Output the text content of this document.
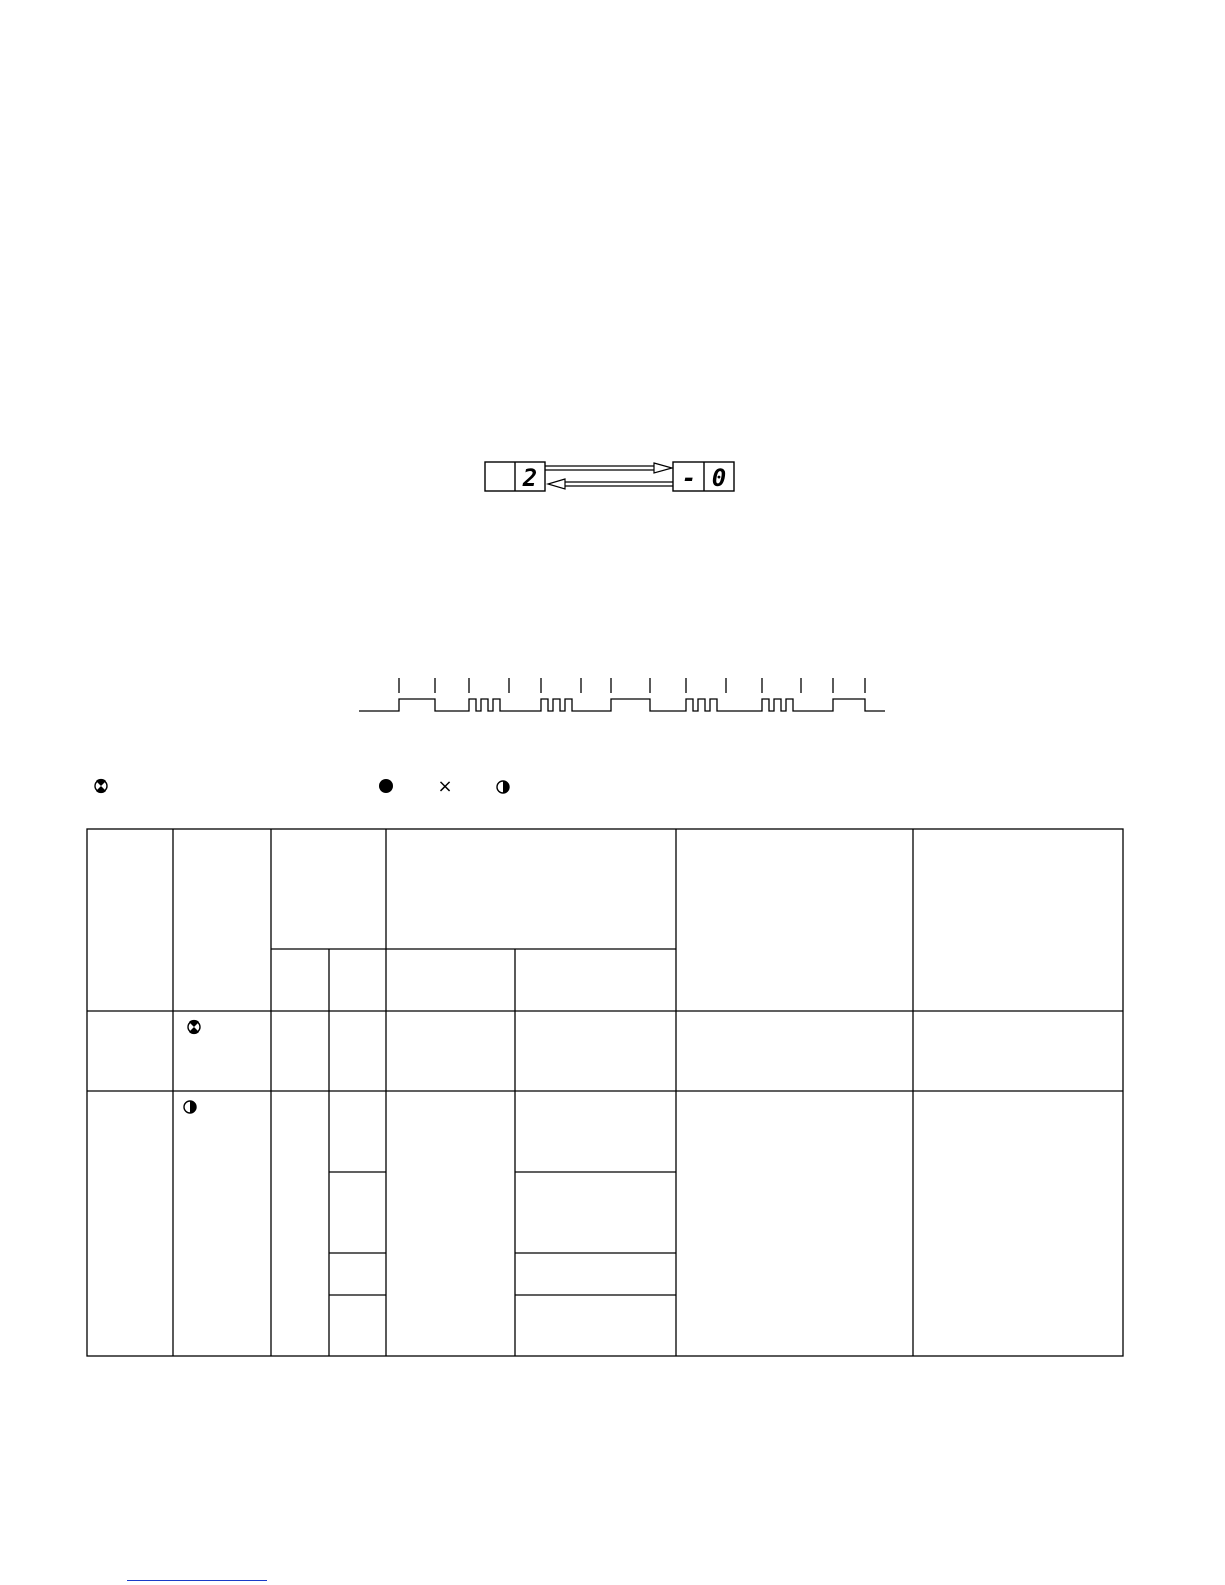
2	- 0
×
